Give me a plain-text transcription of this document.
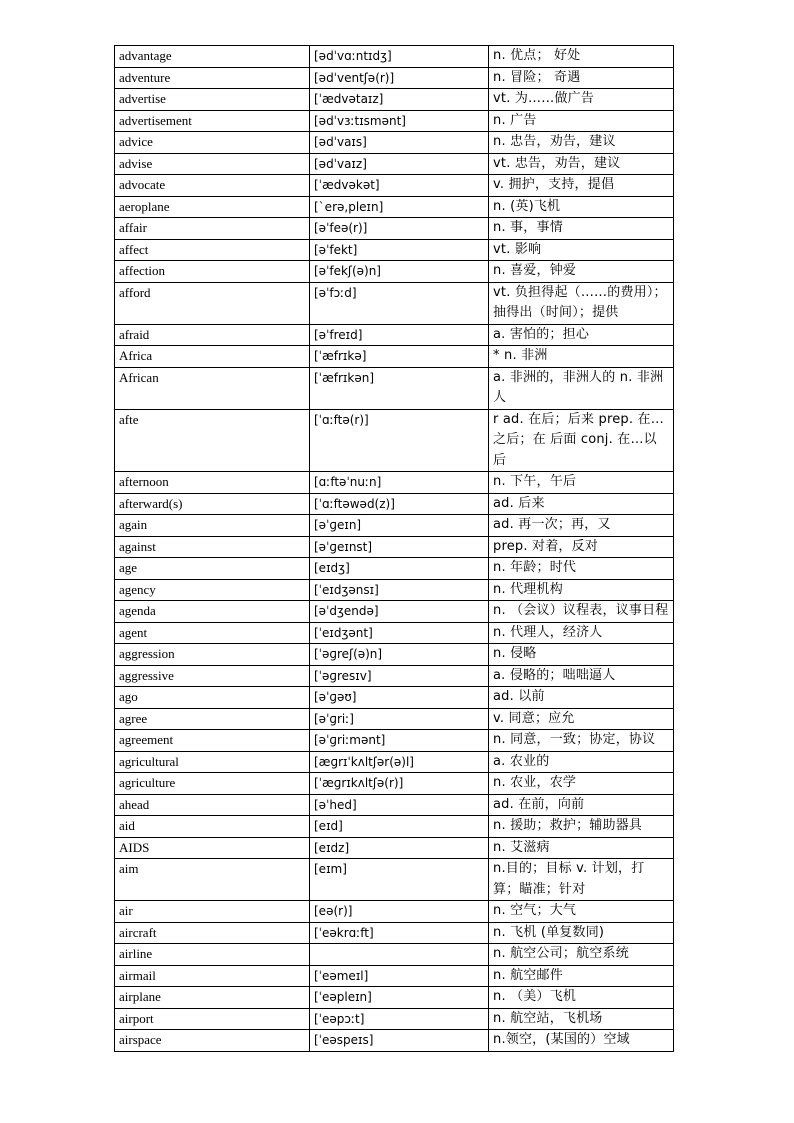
advantage	[ədˈvɑːntɪdʒ]	n. 优点； 好处
adventure	[ədˈventʃə(r)]	n. 冒险； 奇遇
advertise	[ˈædvətaɪz]	vt. 为……做广告
advertisement	[ədˈvɜːtɪsmənt]	n. 广告
advice	[ədˈvaɪs]	n. 忠告，劝告，建议
advise	[ədˈvaɪz]	vt. 忠告，劝告，建议
advocate	[ˈædvəkət]	v. 拥护，支持，提倡
aeroplane	[`erə,pleɪn]	n. (英)飞机
affair	[əˈfeə(r)]	n. 事，事情
affect	[əˈfekt]	vt. 影响
affection	[əˈfekʃ(ə)n]	n. 喜爱，钟爱
afford	[əˈfɔːd]	vt. 负担得起（……的费用）；抽得出（时间）；提供
afraid	[əˈfreɪd]	a. 害怕的；担心
Africa	[ˈæfrɪkə]	* n. 非洲
African	[ˈæfrɪkən]	a. 非洲的，非洲人的 n. 非洲人
afte	[ˈɑːftə(r)]	r ad. 在后；后来 prep. 在…之后；在 后面 conj. 在…以后
afternoon	[ɑːftəˈnuːn]	n. 下午，午后
afterward(s)	[ˈɑːftəwəd(z)]	ad. 后来
again	[əˈɡeɪn]	ad. 再一次；再，又
against	[əˈɡeɪnst]	prep. 对着，反对
age	[eɪdʒ]	n. 年龄；时代
agency	[ˈeɪdʒənsɪ]	n. 代理机构
agenda	[əˈdʒendə]	n. （会议）议程表，议事日程
agent	[ˈeɪdʒənt]	n. 代理人，经济人
aggression	[ˈəɡreʃ(ə)n]	n. 侵略
aggressive	[ˈəɡresɪv]	a. 侵略的；咄咄逼人
ago	[əˈɡəʊ]	ad. 以前
agree	[əˈɡriː]	v. 同意；应允
agreement	[əˈɡriːmənt]	n. 同意，一致；协定，协议
agricultural	[æɡrɪˈkʌltʃər(ə)l]	a. 农业的
agriculture	[ˈæɡrɪkʌltʃə(r)]	n. 农业，农学
ahead	[əˈhed]	ad. 在前，向前
aid	[eɪd]	n. 援助；救护；辅助器具
AIDS	[eɪdz]	n. 艾滋病
aim	[eɪm]	n.目的；目标 v. 计划，打算；瞄准；针对
air	[eə(r)]	n. 空气；大气
aircraft	[ˈeəkrɑːft]	n. 飞机 (单复数同)
airline		n. 航空公司；航空系统
airmail	[ˈeəmeɪl]	n. 航空邮件
airplane	[ˈeəpleɪn]	n. （美）飞机
airport	[ˈeəpɔːt]	n. 航空站，飞机场
airspace	[ˈeəspeɪs]	n.领空，(某国的）空域
